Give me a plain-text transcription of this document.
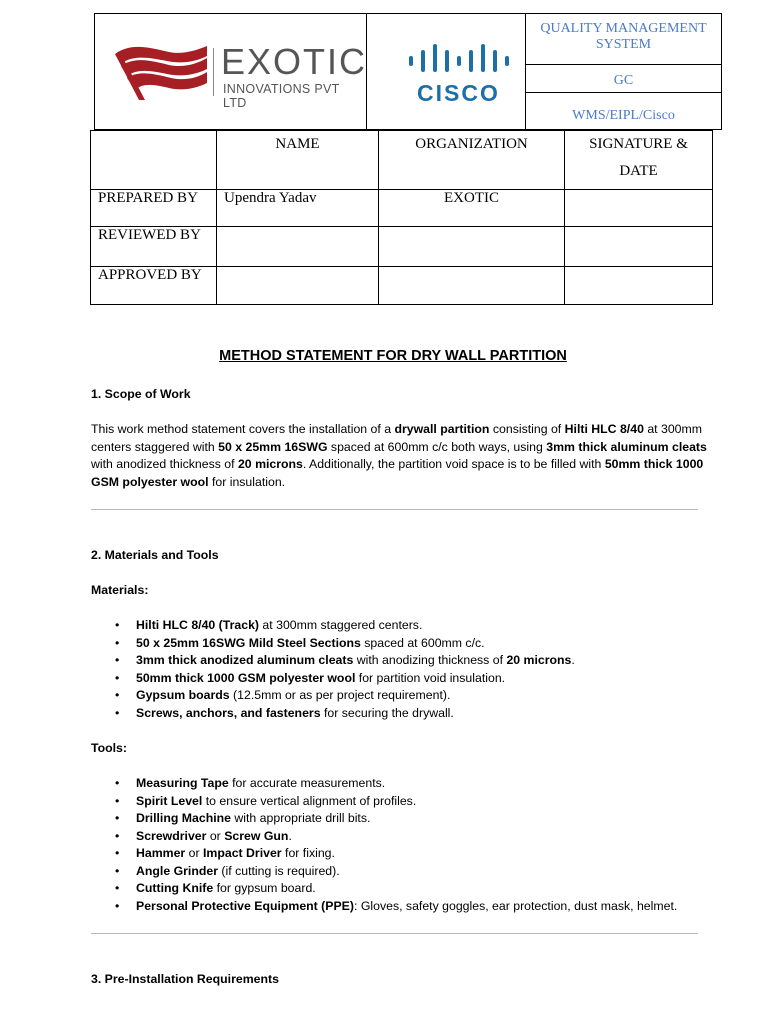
EXOTIC
INNOVATIONS PVT LTD	CISCO
QUALITY MANAGEMENT SYSTEM
GC
WMS/EIPL/Cisco
	NAME	ORGANIZATION	SIGNATURE &
DATE

PREPARED BY	Upendra Yadav	EXOTIC	
REVIEWED BY			
APPROVED BY			
METHOD STATEMENT FOR DRY WALL PARTITION
1. Scope of Work
This work method statement covers the installation of a drywall partition consisting of Hilti HLC 8/40 at 300mm centers staggered with 50 x 25mm 16SWG spaced at 600mm c/c both ways, using 3mm thick aluminum cleats with anodized thickness of 20 microns. Additionally, the partition void space is to be filled with 50mm thick 1000 GSM polyester wool for insulation.
2. Materials and Tools
Materials:
• Hilti HLC 8/40 (Track) at 300mm staggered centers.
• 50 x 25mm 16SWG Mild Steel Sections spaced at 600mm c/c.
• 3mm thick anodized aluminum cleats with anodizing thickness of 20 microns.
• 50mm thick 1000 GSM polyester wool for partition void insulation.
• Gypsum boards (12.5mm or as per project requirement).
• Screws, anchors, and fasteners for securing the drywall.
Tools:
• Measuring Tape for accurate measurements.
• Spirit Level to ensure vertical alignment of profiles.
• Drilling Machine with appropriate drill bits.
• Screwdriver or Screw Gun.
• Hammer or Impact Driver for fixing.
• Angle Grinder (if cutting is required).
• Cutting Knife for gypsum board.
• Personal Protective Equipment (PPE): Gloves, safety goggles, ear protection, dust mask, helmet.
3. Pre-Installation Requirements
